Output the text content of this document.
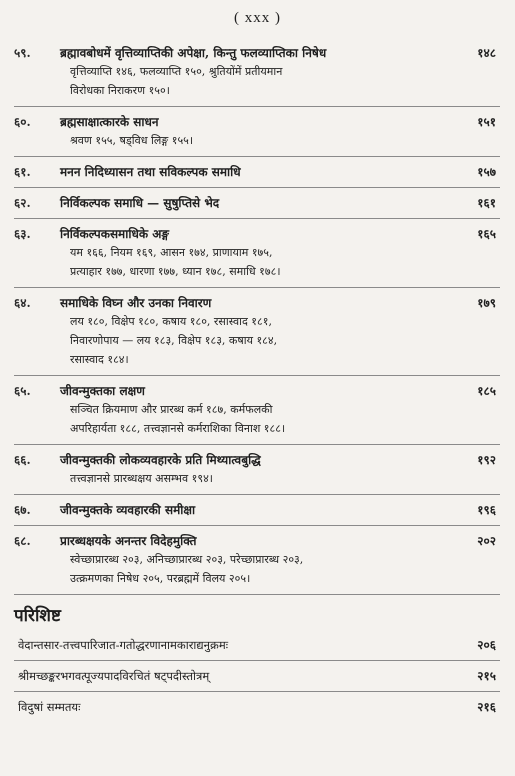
( xxx )
५९.	ब्रह्मावबोधमें वृत्तिव्याप्तिकी अपेक्षा, किन्तु फलव्याप्तिका निषेध	१४८
वृत्तिव्याप्ति १४६, फलव्याप्ति १५०, श्रुतियोंमें प्रतीयमान
विरोधका निराकरण १५०।
६०.	ब्रह्मसाक्षात्कारके साधन	१५१
श्रवण १५५, षड्विध लिङ्ग १५५।
६१.	मनन निदिध्यासन तथा सविकल्पक समाधि	१५७
६२.	निर्विकल्पक समाधि — सुषुप्तिसे भेद	१६१
६३.	निर्विकल्पकसमाधिके अङ्ग	१६५
यम १६६, नियम १६९, आसन १७४, प्राणायाम १७५,
प्रत्याहार १७७, धारणा १७७, ध्यान १७८, समाधि १७८।
६४.	समाधिके विघ्न और उनका निवारण	१७९
लय १८०, विक्षेप १८०, कषाय १८०, रसास्वाद १८१,
निवारणोपाय — लय १८३, विक्षेप १८३, कषाय १८४,
रसास्वाद १८४।
६५.	जीवन्मुक्तका लक्षण	१८५
सञ्चित क्रियमाण और प्रारब्ध कर्म १८७, कर्मफलकी
अपरिहार्यता १८८, तत्त्वज्ञानसे कर्मराशिका विनाश १८८।
६६.	जीवन्मुक्तकी लोकव्यवहारके प्रति मिथ्यात्वबुद्धि	१९२
तत्त्वज्ञानसे प्रारब्धक्षय असम्भव १९४।
६७.	जीवन्मुक्तके व्यवहारकी समीक्षा	१९६
६८.	प्रारब्धक्षयके अनन्तर विदेहमुक्ति	२०२
स्वेच्छाप्रारब्ध २०३, अनिच्छाप्रारब्ध २०३, परेच्छाप्रारब्ध २०३,
उत्क्रमणका निषेध २०५, परब्रह्ममें विलय २०५।
परिशिष्ट
वेदान्तसार-तत्त्वपारिजात-गतोद्धरणानामकाराद्यनुक्रमः	२०६
श्रीमच्छङ्करभगवत्पूज्यपादविरचितं षट्पदीस्तोत्रम्	२१५
विदुषां सम्मतयः	२१६
